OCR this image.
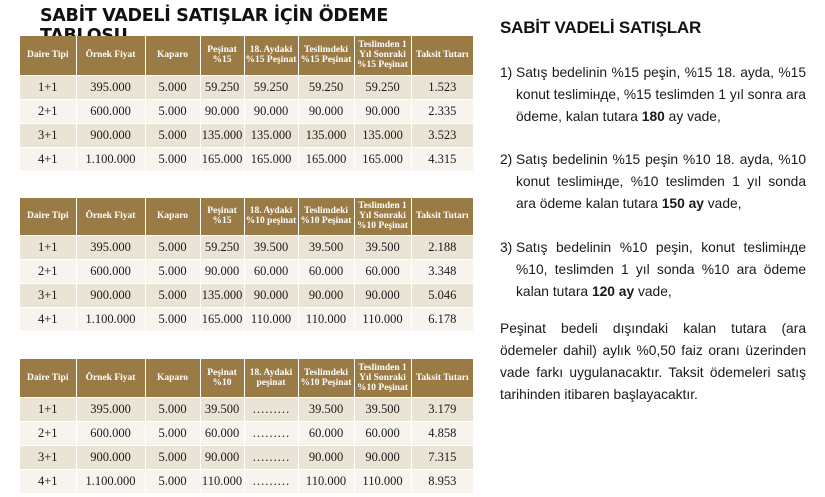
SABİT VADELİ SATIŞLAR İÇİN ÖDEME
Daire Tipi	Örnek Fiyat	Kaparo	Peşinat %15	18. Aydaki %15 Peşinat	Teslimdeki %15 Peşinat	Teslimden 1 Yıl Sonraki %15 Peşinat	Taksit Tutarı
1+1	395.000	5.000	59.250	59.250	59.250	59.250	1.523
2+1	600.000	5.000	90.000	90.000	90.000	90.000	2.335
3+1	900.000	5.000	135.000	135.000	135.000	135.000	3.523
4+1	1.100.000	5.000	165.000	165.000	165.000	165.000	4.315
Daire Tipi	Örnek Fiyat	Kaparo	Peşinat %15	18. Aydaki %10 peşinat	Teslimdeki %10 Peşinat	Teslimden 1 Yıl Sonraki %10 Peşinat	Taksit Tutarı
1+1	395.000	5.000	59.250	39.500	39.500	39.500	2.188
2+1	600.000	5.000	90.000	60.000	60.000	60.000	3.348
3+1	900.000	5.000	135.000	90.000	90.000	90.000	5.046
4+1	1.100.000	5.000	165.000	110.000	110.000	110.000	6.178
Daire Tipi	Örnek Fiyat	Kaparo	Peşinat %10	18. Aydaki peşinat	Teslimdeki %10 Peşinat	Teslimden 1 Yıl Sonraki %10 Peşinat	Taksit Tutarı
1+1	395.000	5.000	39.500	………	39.500	39.500	3.179
2+1	600.000	5.000	60.000	………	60.000	60.000	4.858
3+1	900.000	5.000	90.000	………	90.000	90.000	7.315
4+1	1.100.000	5.000	110.000	………	110.000	110.000	8.953
SABİT VADELİ SATIŞLAR
1) Satış bedelinin %15 peşin, %15 18. ayda, %15 konut teslimінде, %15 teslimden 1 yıl sonra ara ödeme, kalan tutara 180 ay vade,
2) Satış bedelinin %15 peşin %10 18. ayda, %10 konut teslimінде, %10 teslimden 1 yıl sonda ara ödeme kalan tutara 150 ay vade,
3) Satış bedelinin %10 peşin, konut teslimінде %10, teslimden 1 yıl sonda %10 ara ödeme kalan tutara 120 ay vade,
Peşinat bedeli dışındaki kalan tutara (ara ödemeler dahil) aylık %0,50 faiz oranı üzerinden vade farkı uygulanacaktır. Taksit ödemeleri satış tarihinden itibaren başlayacaktır.
